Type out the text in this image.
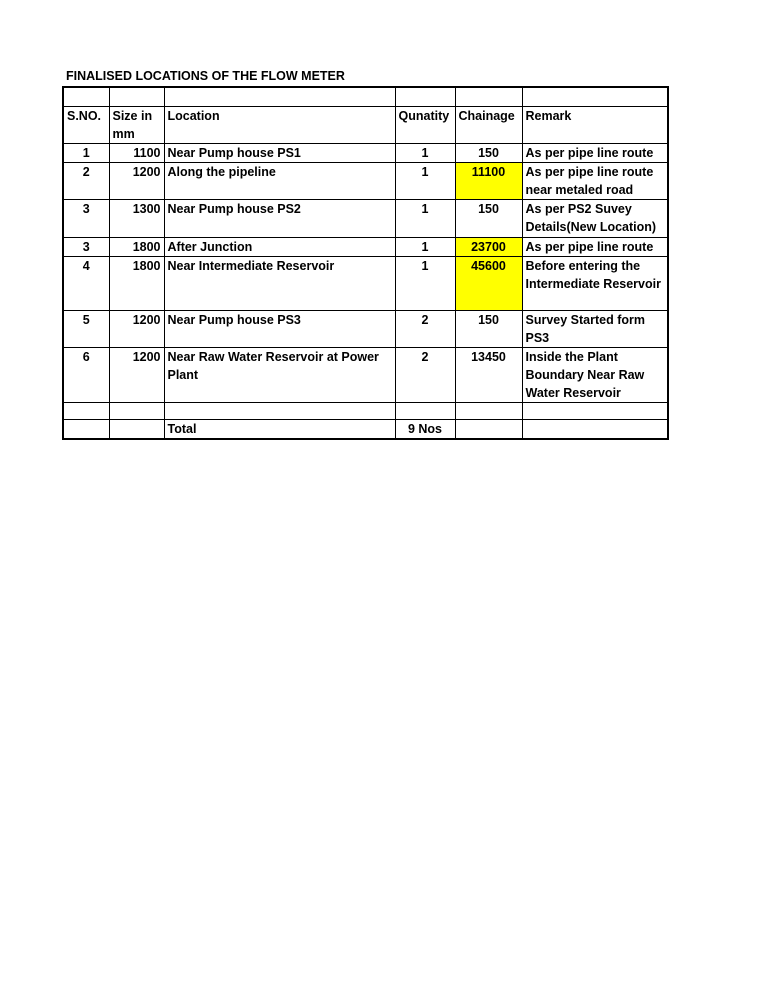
FINALISED LOCATIONS OF THE FLOW METER

S.NO.	Size in mm	Location	Qunatity	Chainage	Remark
1	1100	Near Pump house PS1	1	150	As per pipe line route
2	1200	Along the pipeline	1	11100	As per pipe line route near metaled road
3	1300	Near Pump house PS2	1	150	As per PS2 Suvey Details(New Location)
3	1800	After Junction	1	23700	As per pipe line route
4	1800	Near Intermediate Reservoir	1	45600	Before entering the Intermediate Reservoir
5	1200	Near Pump house PS3	2	150	Survey Started form PS3
6	1200	Near Raw Water Reservoir at Power Plant	2	13450	Inside the Plant Boundary Near Raw Water Reservoir

		Total	9 Nos		
